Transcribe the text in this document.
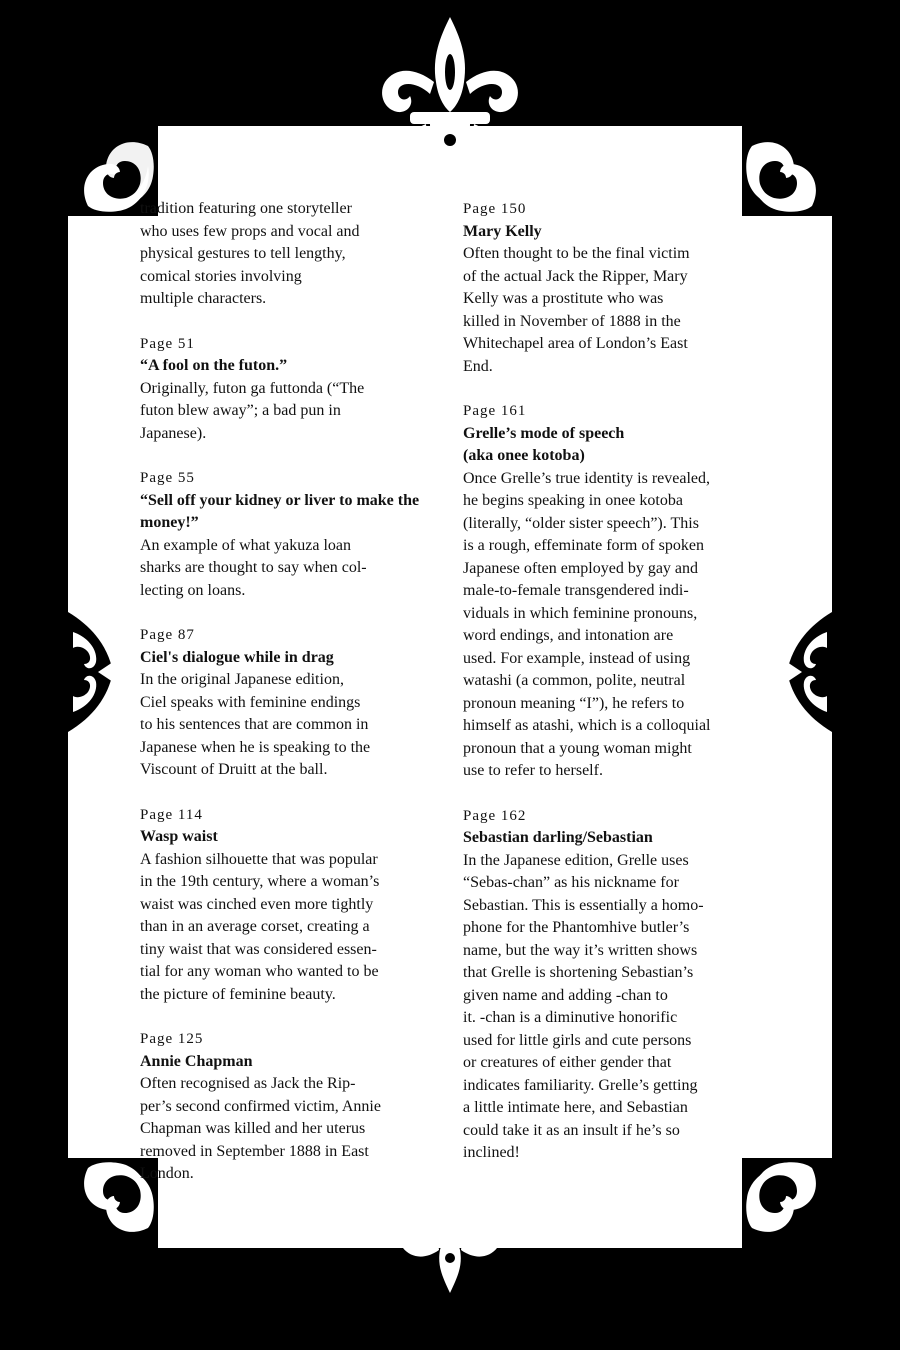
tradition featuring one storyteller

who uses few props and vocal and

physical gestures to tell lengthy,

comical stories involving

multiple characters.

Page 51
“A fool on the futon.”

Originally, futon ga futtonda (“The

futon blew away”; a bad pun in

Japanese).

Page 55
“Sell off your kidney or liver to make the money!”

An example of what yakuza loan

sharks are thought to say when col-

lecting on loans.

Page 87
Ciel's dialogue while in drag

In the original Japanese edition,

Ciel speaks with feminine endings

to his sentences that are common in

Japanese when he is speaking to the

Viscount of Druitt at the ball.

Page 114
Wasp waist

A fashion silhouette that was popular

in the 19th century, where a woman’s

waist was cinched even more tightly

than in an average corset, creating a

tiny waist that was considered essen-

tial for any woman who wanted to be

the picture of feminine beauty.

Page 125
Annie Chapman

Often recognised as Jack the Rip-

per’s second confirmed victim, Annie

Chapman was killed and her uterus

removed in September 1888 in East

London.

Page 150
Mary Kelly

Often thought to be the final victim

of the actual Jack the Ripper, Mary

Kelly was a prostitute who was

killed in November of 1888 in the

Whitechapel area of London’s East

End.

Page 161
Grelle’s mode of speech
(aka onee kotoba)

Once Grelle’s true identity is revealed,

he begins speaking in onee kotoba

(literally, “older sister speech”). This

is a rough, effeminate form of spoken

Japanese often employed by gay and

male-to-female transgendered indi-

viduals in which feminine pronouns,

word endings, and intonation are

used. For example, instead of using

watashi (a common, polite, neutral

pronoun meaning “I”), he refers to

himself as atashi, which is a colloquial

pronoun that a young woman might

use to refer to herself.

Page 162
Sebastian darling/Sebastian

In the Japanese edition, Grelle uses

“Sebas-chan” as his nickname for

Sebastian. This is essentially a homo-

phone for the Phantomhive butler’s

name, but the way it’s written shows

that Grelle is shortening Sebastian’s

given name and adding -chan to

it. -chan is a diminutive honorific

used for little girls and cute persons

or creatures of either gender that

indicates familiarity. Grelle’s getting

a little intimate here, and Sebastian

could take it as an insult if he’s so

inclined!
